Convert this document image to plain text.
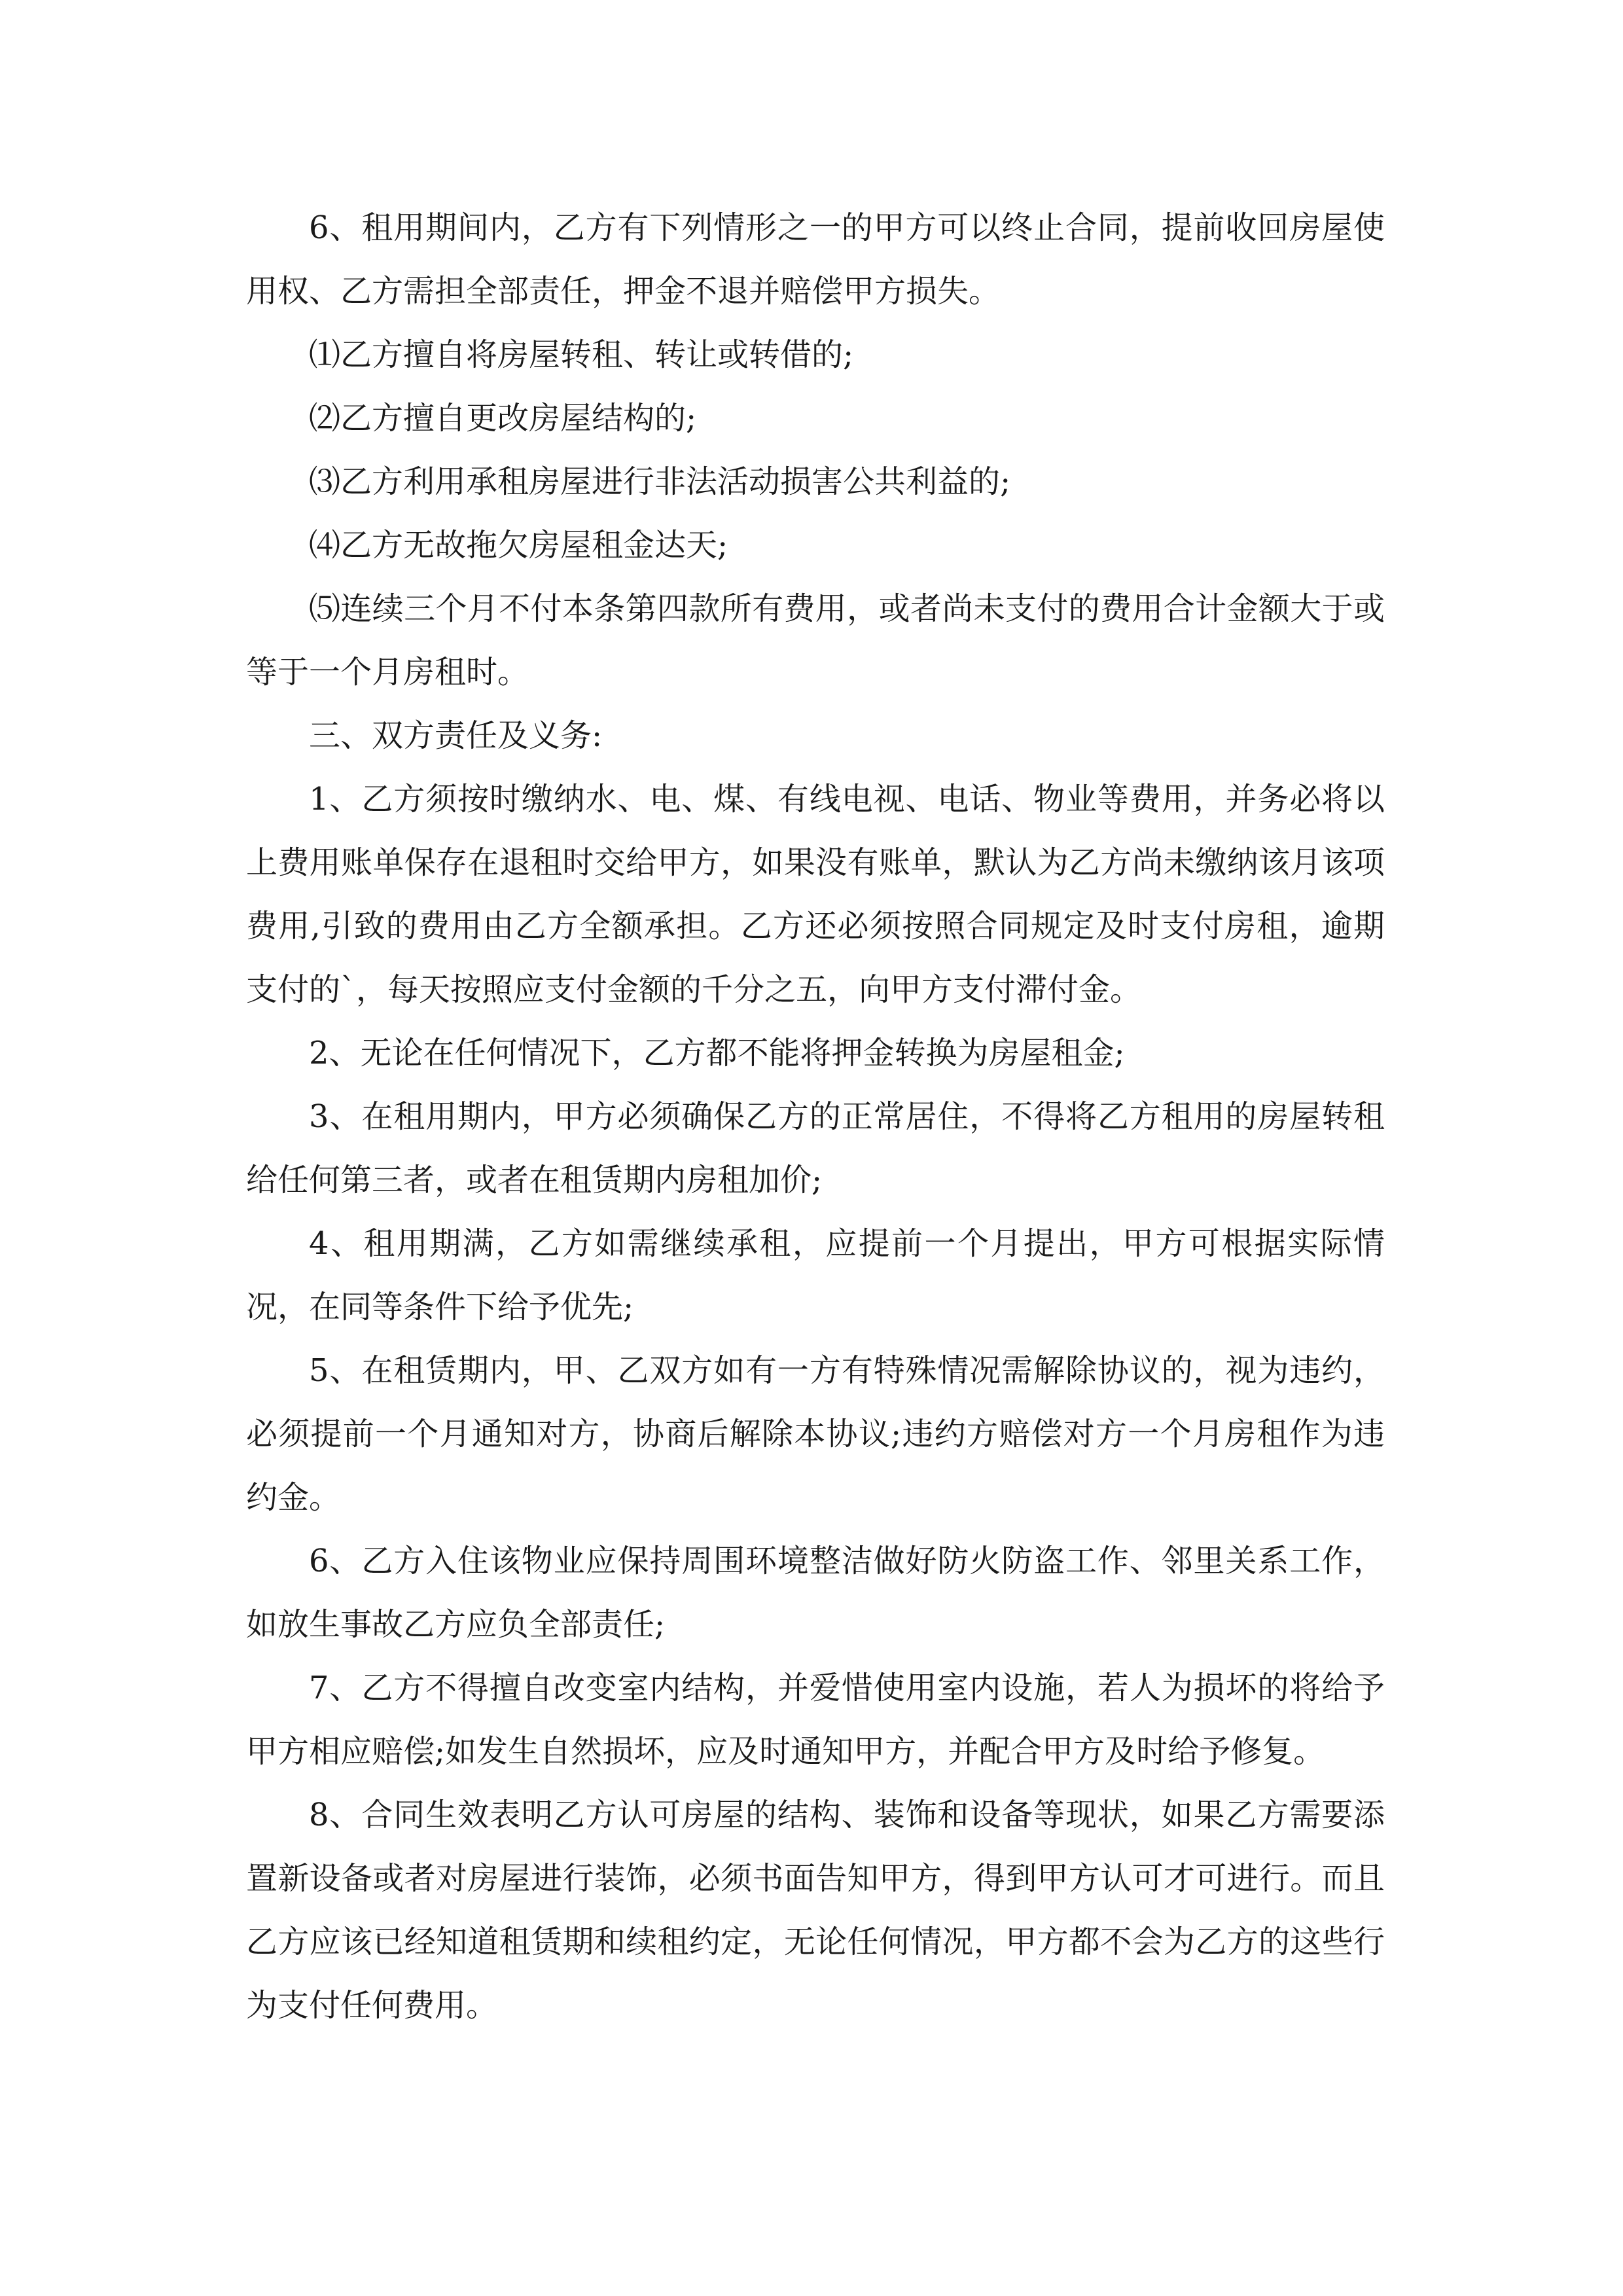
6、租用期间内，乙方有下列情形之一的甲方可以终止合同，提前收回房屋使用权、乙方需担全部责任，押金不退并赔偿甲方损失。

⑴乙方擅自将房屋转租、转让或转借的;

⑵乙方擅自更改房屋结构的;

⑶乙方利用承租房屋进行非法活动损害公共利益的;

⑷乙方无故拖欠房屋租金达天;

⑸连续三个月不付本条第四款所有费用，或者尚未支付的费用合计金额大于或等于一个月房租时。

三、双方责任及义务:

1、乙方须按时缴纳水、电、煤、有线电视、电话、物业等费用，并务必将以上费用账单保存在退租时交给甲方，如果没有账单，默认为乙方尚未缴纳该月该项费用,引致的费用由乙方全额承担。乙方还必须按照合同规定及时支付房租，逾期支付的`，每天按照应支付金额的千分之五，向甲方支付滞付金。

2、无论在任何情况下，乙方都不能将押金转换为房屋租金;

3、在租用期内，甲方必须确保乙方的正常居住，不得将乙方租用的房屋转租给任何第三者，或者在租赁期内房租加价;

4、租用期满，乙方如需继续承租，应提前一个月提出，甲方可根据实际情况，在同等条件下给予优先;

5、在租赁期内，甲、乙双方如有一方有特殊情况需解除协议的，视为违约，必须提前一个月通知对方，协商后解除本协议;违约方赔偿对方一个月房租作为违约金。

6、乙方入住该物业应保持周围环境整洁做好防火防盗工作、邻里关系工作，如放生事故乙方应负全部责任;

7、乙方不得擅自改变室内结构，并爱惜使用室内设施，若人为损坏的将给予甲方相应赔偿;如发生自然损坏，应及时通知甲方，并配合甲方及时给予修复。

8、合同生效表明乙方认可房屋的结构、装饰和设备等现状，如果乙方需要添置新设备或者对房屋进行装饰，必须书面告知甲方，得到甲方认可才可进行。而且乙方应该已经知道租赁期和续租约定，无论任何情况，甲方都不会为乙方的这些行为支付任何费用。
